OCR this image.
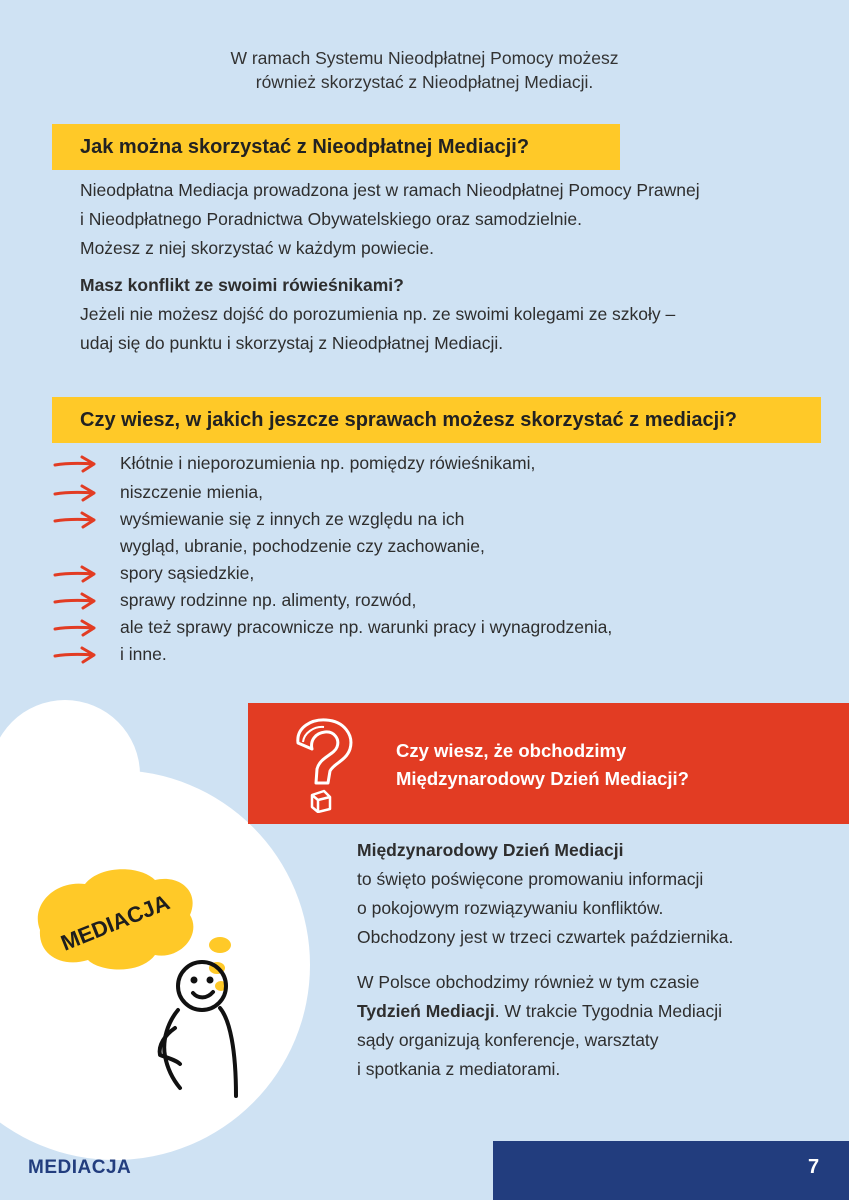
W ramach Systemu Nieodpłatnej Pomocy możesz
również skorzystać z Nieodpłatnej Mediacji.
Jak można skorzystać z Nieodpłatnej Mediacji?
Nieodpłatna Mediacja prowadzona jest w ramach Nieodpłatnej Pomocy Prawnej
i Nieodpłatnego Poradnictwa Obywatelskiego oraz samodzielnie.
Możesz z niej skorzystać w każdym powiecie.
Masz konflikt ze swoimi rówieśnikami?
Jeżeli nie możesz dojść do porozumienia np. ze swoimi kolegami ze szkoły –
udaj się do punktu i skorzystaj z Nieodpłatnej Mediacji.
Czy wiesz, w jakich jeszcze sprawach możesz skorzystać z mediacji?
Kłótnie i nieporozumienia np. pomiędzy rówieśnikami,
niszczenie mienia,
wyśmiewanie się z innych ze względu na ich
wygląd, ubranie, pochodzenie czy zachowanie,
spory sąsiedzkie,
sprawy rodzinne np. alimenty, rozwód,
ale też sprawy pracownicze np. warunki pracy i wynagrodzenia,
i inne.
Czy wiesz, że obchodzimy
Międzynarodowy Dzień Mediacji?
MEDIACJA
Międzynarodowy Dzień Mediacji
to święto poświęcone promowaniu informacji
o pokojowym rozwiązywaniu konfliktów.
Obchodzony jest w trzeci czwartek października.
W Polsce obchodzimy również w tym czasie
Tydzień Mediacji. W trakcie Tygodnia Mediacji
sądy organizują konferencje, warsztaty
i spotkania z mediatorami.
MEDIACJA	7
